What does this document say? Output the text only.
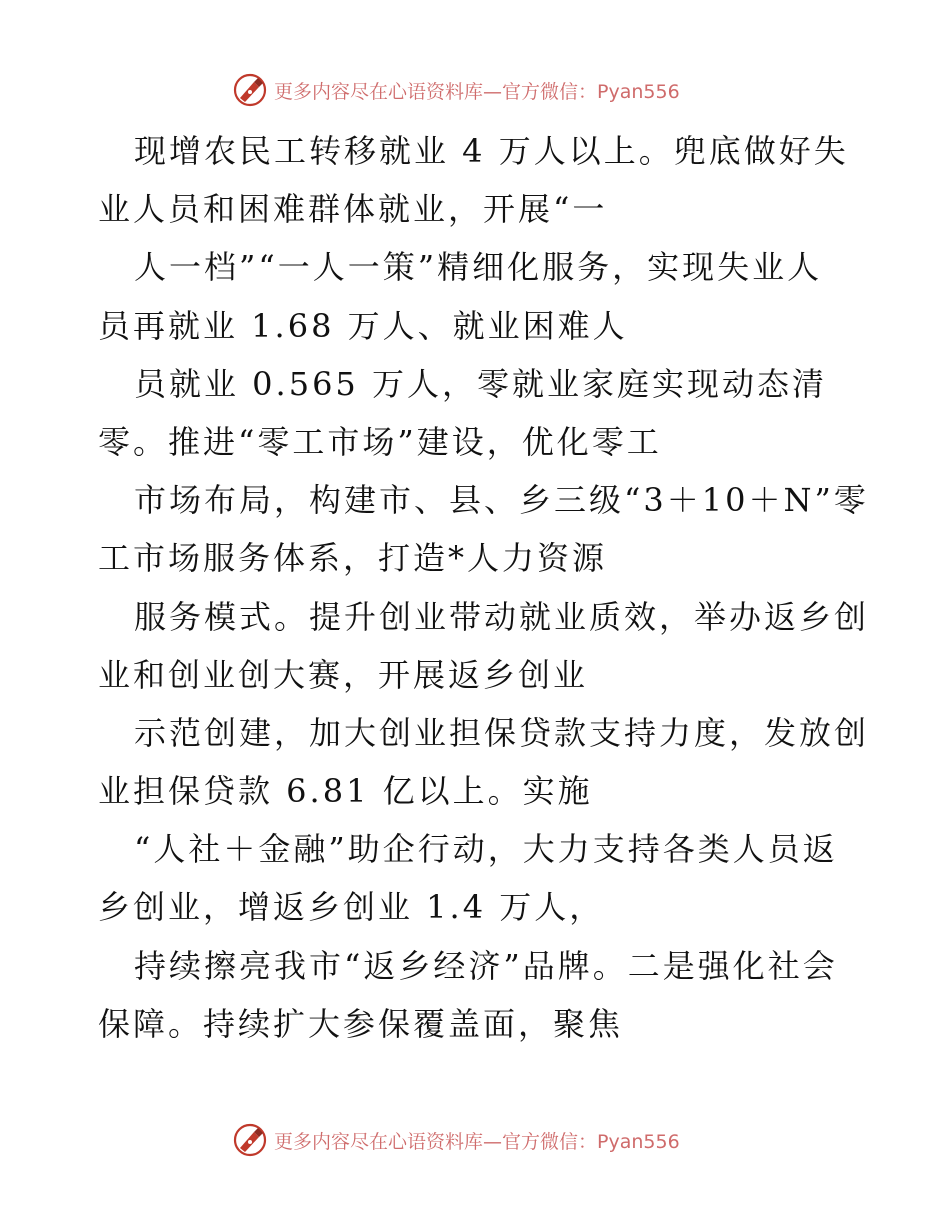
更多内容尽在心语资料库—官方微信：Pyan556
现增农民工转移就业 4 万人以上。兜底做好失
业人员和困难群体就业，开展“一
人一档”“一人一策”精细化服务，实现失业人
员再就业 1.68 万人、就业困难人
员就业 0.565 万人，零就业家庭实现动态清
零。推进“零工市场”建设，优化零工
市场布局，构建市、县、乡三级“3＋10＋N”零
工市场服务体系，打造*人力资源
服务模式。提升创业带动就业质效，举办返乡创
业和创业创大赛，开展返乡创业
示范创建，加大创业担保贷款支持力度，发放创
业担保贷款 6.81 亿以上。实施
“人社＋金融”助企行动，大力支持各类人员返
乡创业，增返乡创业 1.4 万人，
持续擦亮我市“返乡经济”品牌。二是强化社会
保障。持续扩大参保覆盖面，聚焦
更多内容尽在心语资料库—官方微信：Pyan556
